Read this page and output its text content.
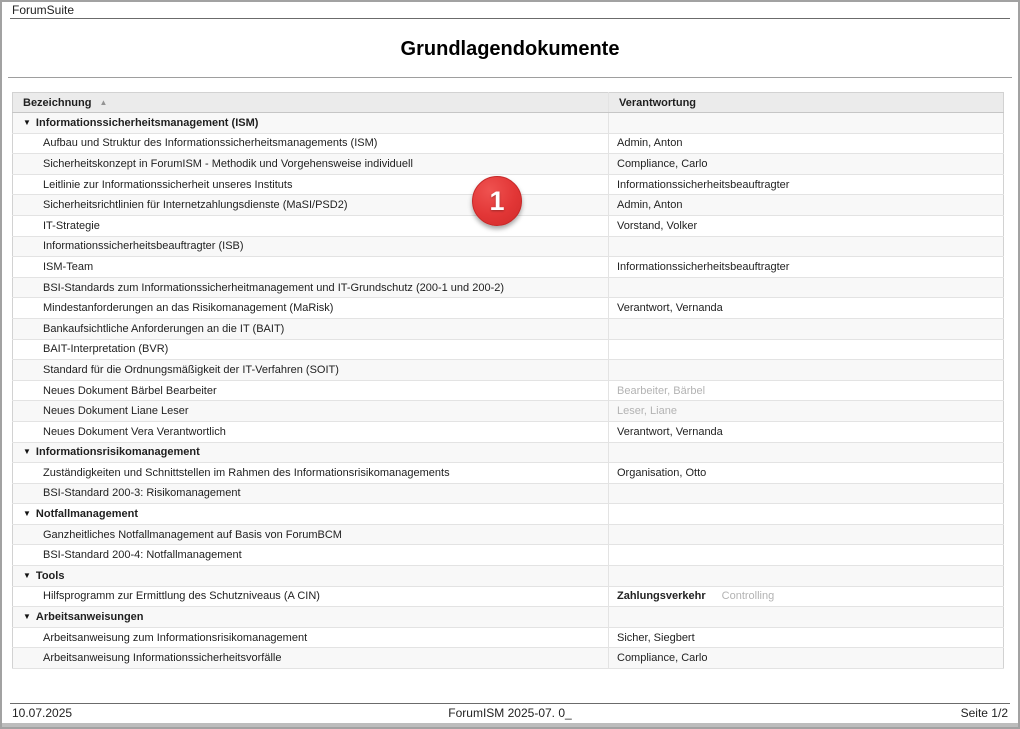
ForumSuite
Grundlagendokumente
Bezeichnung ▲	Verantwortung
▼ Informationssicherheitsmanagement (ISM)	
Aufbau und Struktur des Informationssicherheitsmanagements (ISM)	Admin, Anton
Sicherheitskonzept in ForumISM - Methodik und Vorgehensweise individuell	Compliance, Carlo
Leitlinie zur Informationssicherheit unseres Instituts	Informationssicherheitsbeauftragter
Sicherheitsrichtlinien für Internetzahlungsdienste (MaSI/PSD2)	Admin, Anton
IT-Strategie	Vorstand, Volker
Informationssicherheitsbeauftragter (ISB)	
ISM-Team	Informationssicherheitsbeauftragter
BSI-Standards zum Informationssicherheitmanagement und IT-Grundschutz (200-1 und 200-2)	
Mindestanforderungen an das Risikomanagement (MaRisk)	Verantwort, Vernanda
Bankaufsichtliche Anforderungen an die IT (BAIT)	
BAIT-Interpretation (BVR)	
Standard für die Ordnungsmäßigkeit der IT-Verfahren (SOIT)	
Neues Dokument Bärbel Bearbeiter	Bearbeiter, Bärbel
Neues Dokument Liane Leser	Leser, Liane
Neues Dokument Vera Verantwortlich	Verantwort, Vernanda
▼ Informationsrisikomanagement	
Zuständigkeiten und Schnittstellen im Rahmen des Informationsrisikomanagements	Organisation, Otto
BSI-Standard 200-3: Risikomanagement	
▼ Notfallmanagement	
Ganzheitliches Notfallmanagement auf Basis von ForumBCM	
BSI-Standard 200-4: Notfallmanagement	
▼ Tools	
Hilfsprogramm zur Ermittlung des Schutzniveaus (A CIN)	Zahlungsverkehr Controlling
▼ Arbeitsanweisungen	
Arbeitsanweisung zum Informationsrisikomanagement	Sicher, Siegbert
Arbeitsanweisung Informationssicherheitsvorfälle	Compliance, Carlo
1
10.07.2025	ForumISM 2025-07. 0_	Seite 1/2
